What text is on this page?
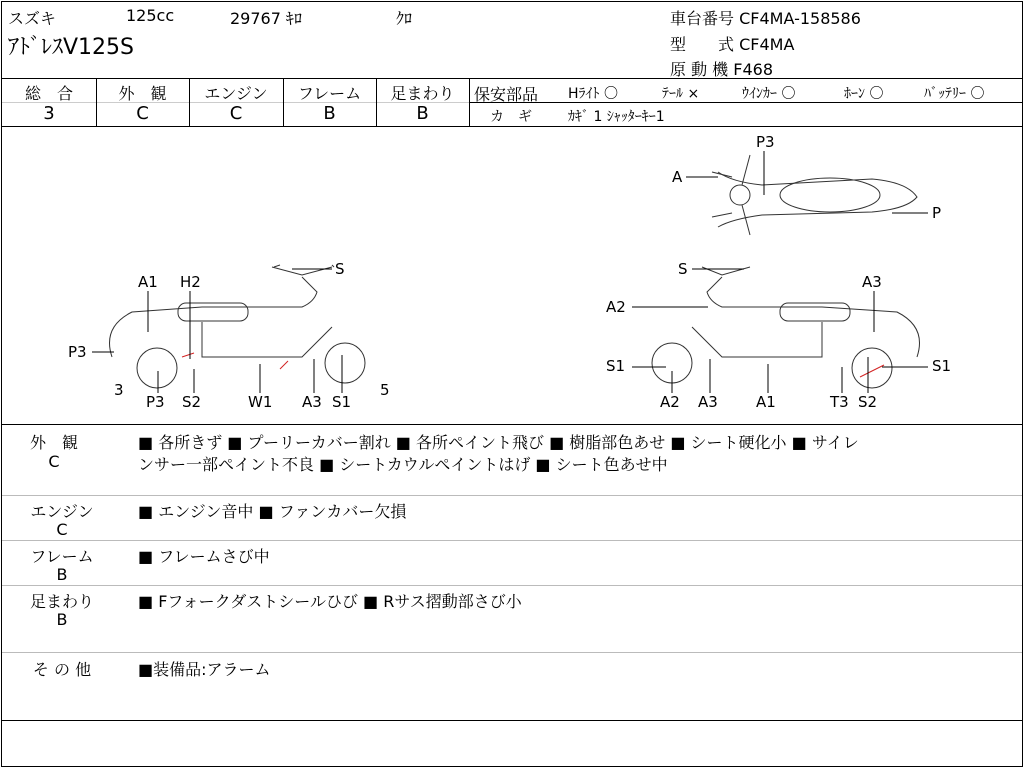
スズキ	125cc	29767 ｷﾛ	ｸﾛ
ｱﾄﾞﾚｽV125S
車台番号 CF4MA-158586
型　　式 CF4MA
原 動 機 F468
総　合
3
外　観
C
エンジン
C
フレーム
B
足まわり
B
保安部品 Hﾗｲﾄ 〇	ﾃｰﾙ ×	ｳｲﾝｶｰ 〇	ﾎｰﾝ 〇	ﾊﾞｯﾃﾘｰ 〇
カ　ギ	ｶｷﾞ 1 ｼｬｯﾀｰｷｰ1
P3
A
P
A1 H2
S
P3
3
P3 S2	W1 A3 S1
5
S
A3
A2
S1	S1
A2 A3	A1	T3 S2
外　観
C
■ 各所きず ■ プーリーカバー割れ ■ 各所ペイント飛び ■ 樹脂部色あせ ■ シート硬化小 ■ サイレ
ンサー一部ペイント不良 ■ シートカウルペイントはげ ■ シート色あせ中
エンジン
C
■ エンジン音中 ■ ファンカバー欠損
フレーム
B
■ フレームさび中
足まわり
B
■ Fフォークダストシールひび ■ Rサス摺動部さび小
そ の 他	■装備品:アラーム
